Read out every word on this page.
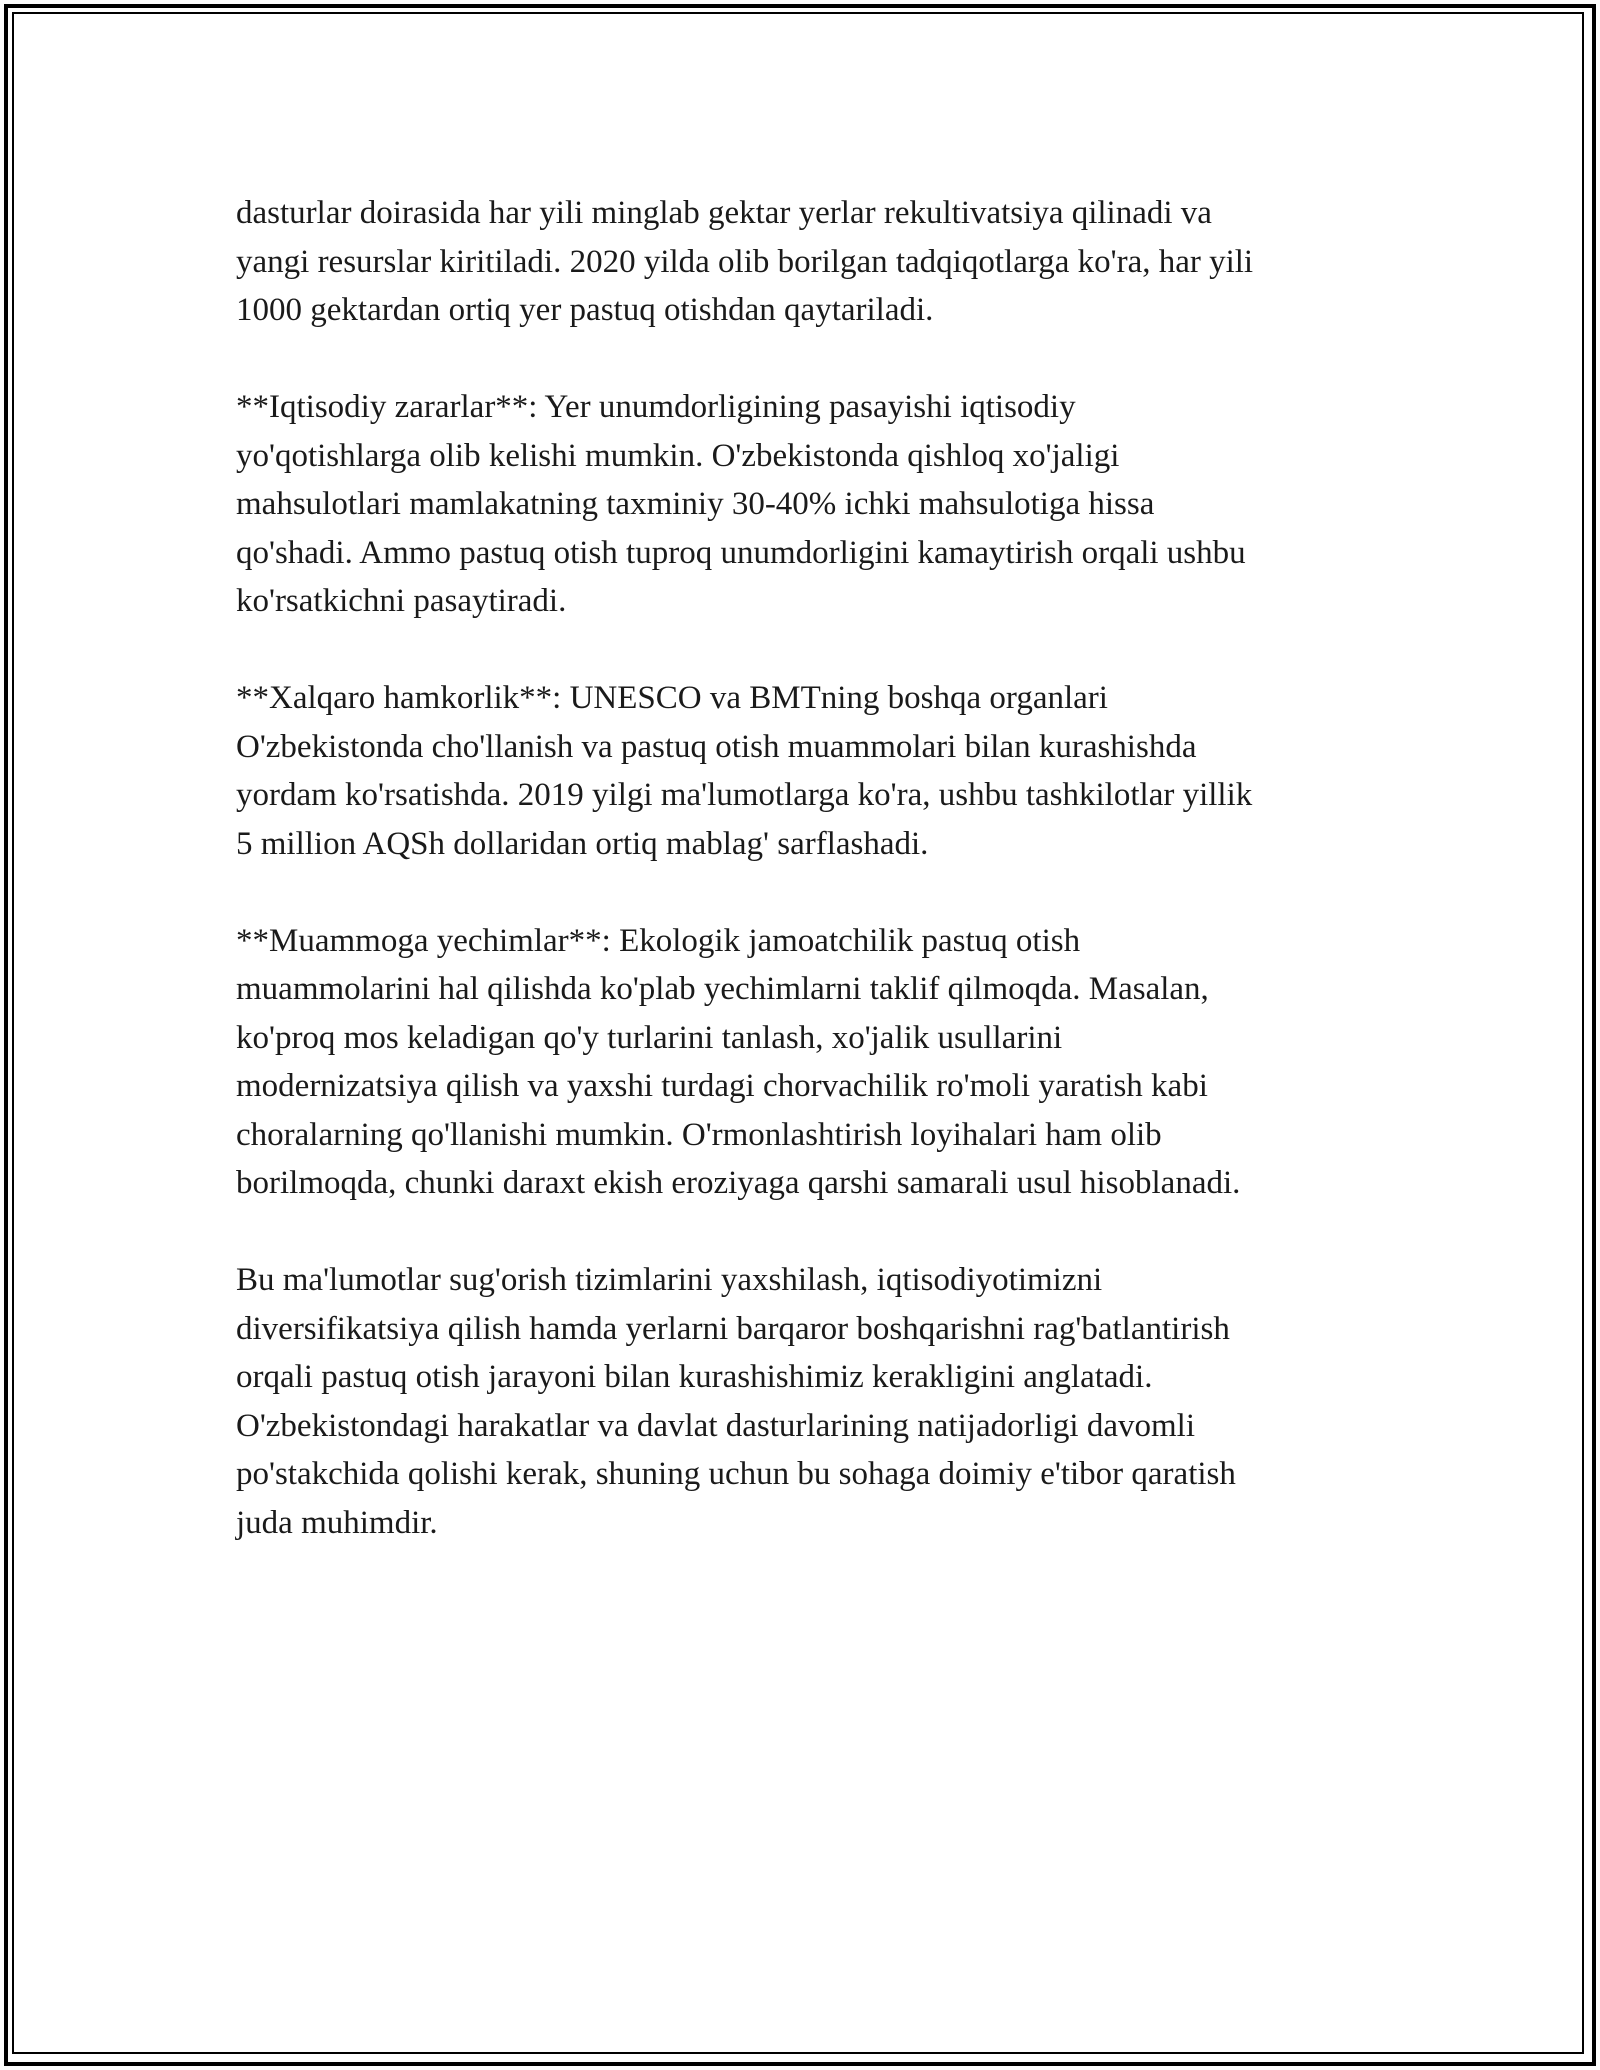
dasturlar doirasida har yili minglab gektar yerlar rekultivatsiya qilinadi va
yangi resurslar kiritiladi. 2020 yilda olib borilgan tadqiqotlarga ko'ra, har yili
1000 gektardan ortiq yer pastuq otishdan qaytariladi.

**Iqtisodiy zararlar**: Yer unumdorligining pasayishi iqtisodiy
yo'qotishlarga olib kelishi mumkin. O'zbekistonda qishloq xo'jaligi
mahsulotlari mamlakatning taxminiy 30-40% ichki mahsulotiga hissa
qo'shadi. Ammo pastuq otish tuproq unumdorligini kamaytirish orqali ushbu
ko'rsatkichni pasaytiradi.

**Xalqaro hamkorlik**: UNESCO va BMTning boshqa organlari
O'zbekistonda cho'llanish va pastuq otish muammolari bilan kurashishda
yordam ko'rsatishda. 2019 yilgi ma'lumotlarga ko'ra, ushbu tashkilotlar yillik
5 million AQSh dollaridan ortiq mablag' sarflashadi.

**Muammoga yechimlar**: Ekologik jamoatchilik pastuq otish
muammolarini hal qilishda ko'plab yechimlarni taklif qilmoqda. Masalan,
ko'proq mos keladigan qo'y turlarini tanlash, xo'jalik usullarini
modernizatsiya qilish va yaxshi turdagi chorvachilik ro'moli yaratish kabi
choralarning qo'llanishi mumkin. O'rmonlashtirish loyihalari ham olib
borilmoqda, chunki daraxt ekish eroziyaga qarshi samarali usul hisoblanadi.

Bu ma'lumotlar sug'orish tizimlarini yaxshilash, iqtisodiyotimizni
diversifikatsiya qilish hamda yerlarni barqaror boshqarishni rag'batlantirish
orqali pastuq otish jarayoni bilan kurashishimiz kerakligini anglatadi.
O'zbekistondagi harakatlar va davlat dasturlarining natijadorligi davomli
po'stakchida qolishi kerak, shuning uchun bu sohaga doimiy e'tibor qaratish
juda muhimdir.
